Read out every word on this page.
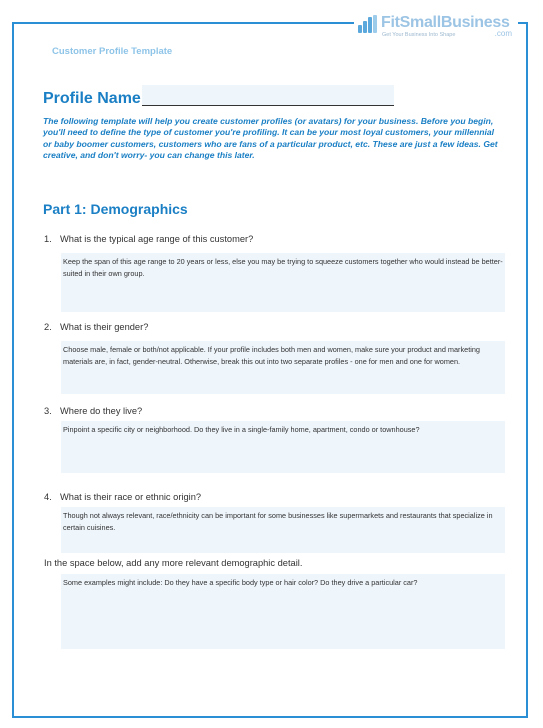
FitSmallBusiness
Get Your Business Into Shape	.com
Customer Profile Template
Profile Name
The following template will help you create customer profiles (or avatars) for your business. Before you begin, you'll need to define the type of customer you're profiling. It can be your most loyal customers, your millennial or baby boomer customers, customers who are fans of a particular product, etc. These are just a few ideas. Get creative, and don't worry- you can change this later.
Part 1: Demographics
1. What is the typical age range of this customer?
Keep the span of this age range to 20 years or less, else you may be trying to squeeze customers together who would instead be better-suited in their own group.
2. What is their gender?
Choose male, female or both/not applicable. If your profile includes both men and women, make sure your product and marketing materials are, in fact, gender-neutral. Otherwise, break this out into two separate profiles - one for men and one for women.
3. Where do they live?
Pinpoint a specific city or neighborhood. Do they live in a single-family home, apartment, condo or townhouse?
4. What is their race or ethnic origin?
Though not always relevant, race/ethnicity can be important for some businesses like supermarkets and restaurants that specialize in certain cuisines.
In the space below, add any more relevant demographic detail.
Some examples might include: Do they have a specific body type or hair color? Do they drive a particular car?
